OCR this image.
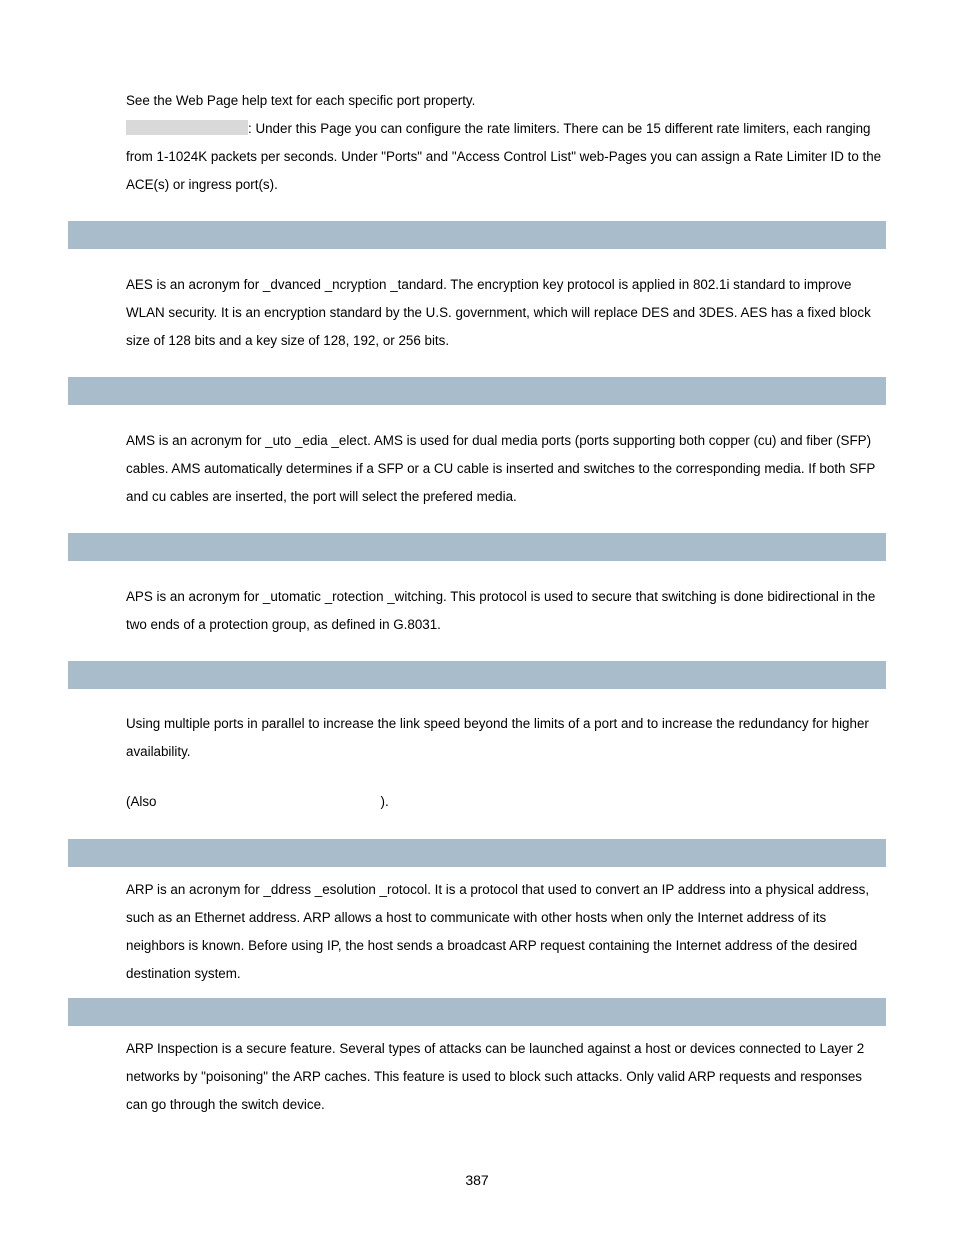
See the Web Page help text for each specific port property.

: Under this Page you can configure the rate limiters. There can be 15 different rate limiters, each ranging from 1-1024K packets per seconds. Under "Ports" and "Access Control List" web-Pages you can assign a Rate Limiter ID to the ACE(s) or ingress port(s).

AES is an acronym for _dvanced _ncryption _tandard. The encryption key protocol is applied in 802.1i standard to improve WLAN security. It is an encryption standard by the U.S. government, which will replace DES and 3DES. AES has a fixed block size of 128 bits and a key size of 128, 192, or 256 bits.

AMS is an acronym for _uto _edia _elect. AMS is used for dual media ports (ports supporting both copper (cu) and fiber (SFP) cables. AMS automatically determines if a SFP or a CU cable is inserted and switches to the corresponding media. If both SFP and cu cables are inserted, the port will select the prefered media.

APS is an acronym for _utomatic _rotection _witching. This protocol is used to secure that switching is done bidirectional in the two ends of a protection group, as defined in G.8031.

Using multiple ports in parallel to increase the link speed beyond the limits of a port and to increase the redundancy for higher availability.

(Also	).

ARP is an acronym for _ddress _esolution _rotocol. It is a protocol that used to convert an IP address into a physical address, such as an Ethernet address. ARP allows a host to communicate with other hosts when only the Internet address of its neighbors is known. Before using IP, the host sends a broadcast ARP request containing the Internet address of the desired destination system.

ARP Inspection is a secure feature. Several types of attacks can be launched against a host or devices connected to Layer 2 networks by "poisoning" the ARP caches. This feature is used to block such attacks. Only valid ARP requests and responses can go through the switch device.

387
